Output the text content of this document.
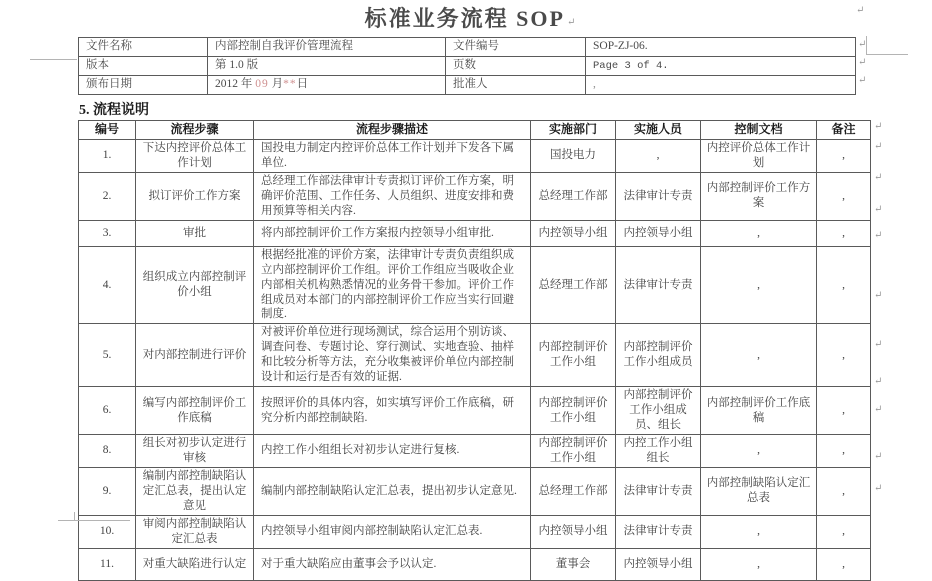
标准业务流程 SOP ↵
文件名称	内部控制自我评价管理流程	文件编号	SOP-ZJ-06.
版本	第 1.0 版	页数	Page 3 of 4.
颁布日期	2012 年 09 月**日	批准人	,
5. 流程说明
编号	流程步骤	流程步骤描述	实施部门	实施人员	控制文档	备注
1.	下达内控评价总体工作计划	国投电力制定内控评价总体工作计划并下发各下属单位.	国投电力	,	内控评价总体工作计划	,
2.	拟订评价工作方案	总经理工作部法律审计专责拟订评价工作方案，明确评价范围、工作任务、人员组织、进度安排和费用预算等相关内容.	总经理工作部	法律审计专责	内部控制评价工作方案	,
3.	审批	将内部控制评价工作方案报内控领导小组审批.	内控领导小组	内控领导小组	,	,
4.	组织成立内部控制评价小组	根据经批准的评价方案，法律审计专责负责组织成立内部控制评价工作组。评价工作组应当吸收企业内部相关机构熟悉情况的业务骨干参加。评价工作组成员对本部门的内部控制评价工作应当实行回避制度.	总经理工作部	法律审计专责	,	,
5.	对内部控制进行评价	对被评价单位进行现场测试，综合运用个别访谈、调查问卷、专题讨论、穿行测试、实地查验、抽样和比较分析等方法，充分收集被评价单位内部控制设计和运行是否有效的证据.	内部控制评价工作小组	内部控制评价工作小组成员	,	,
6.	编写内部控制评价工作底稿	按照评价的具体内容，如实填写评价工作底稿，研究分析内部控制缺陷.	内部控制评价工作小组	内部控制评价工作小组成员、组长	内部控制评价工作底稿	,
8.	组长对初步认定进行审核	内控工作小组组长对初步认定进行复核.	内部控制评价工作小组	内控工作小组组长	,	,
9.	编制内部控制缺陷认定汇总表，提出认定意见	编制内部控制缺陷认定汇总表，提出初步认定意见.	总经理工作部	法律审计专责	内部控制缺陷认定汇总表	,
10.	审阅内部控制缺陷认定汇总表	内控领导小组审阅内部控制缺陷认定汇总表.	内控领导小组	法律审计专责	,	,
11.	对重大缺陷进行认定	对于重大缺陷应由董事会予以认定.	董事会	内控领导小组	,	,
↵
↵
↵
↵
↵
↵
↵
↵
↵
↵
↵
↵
↵
↵
↵
